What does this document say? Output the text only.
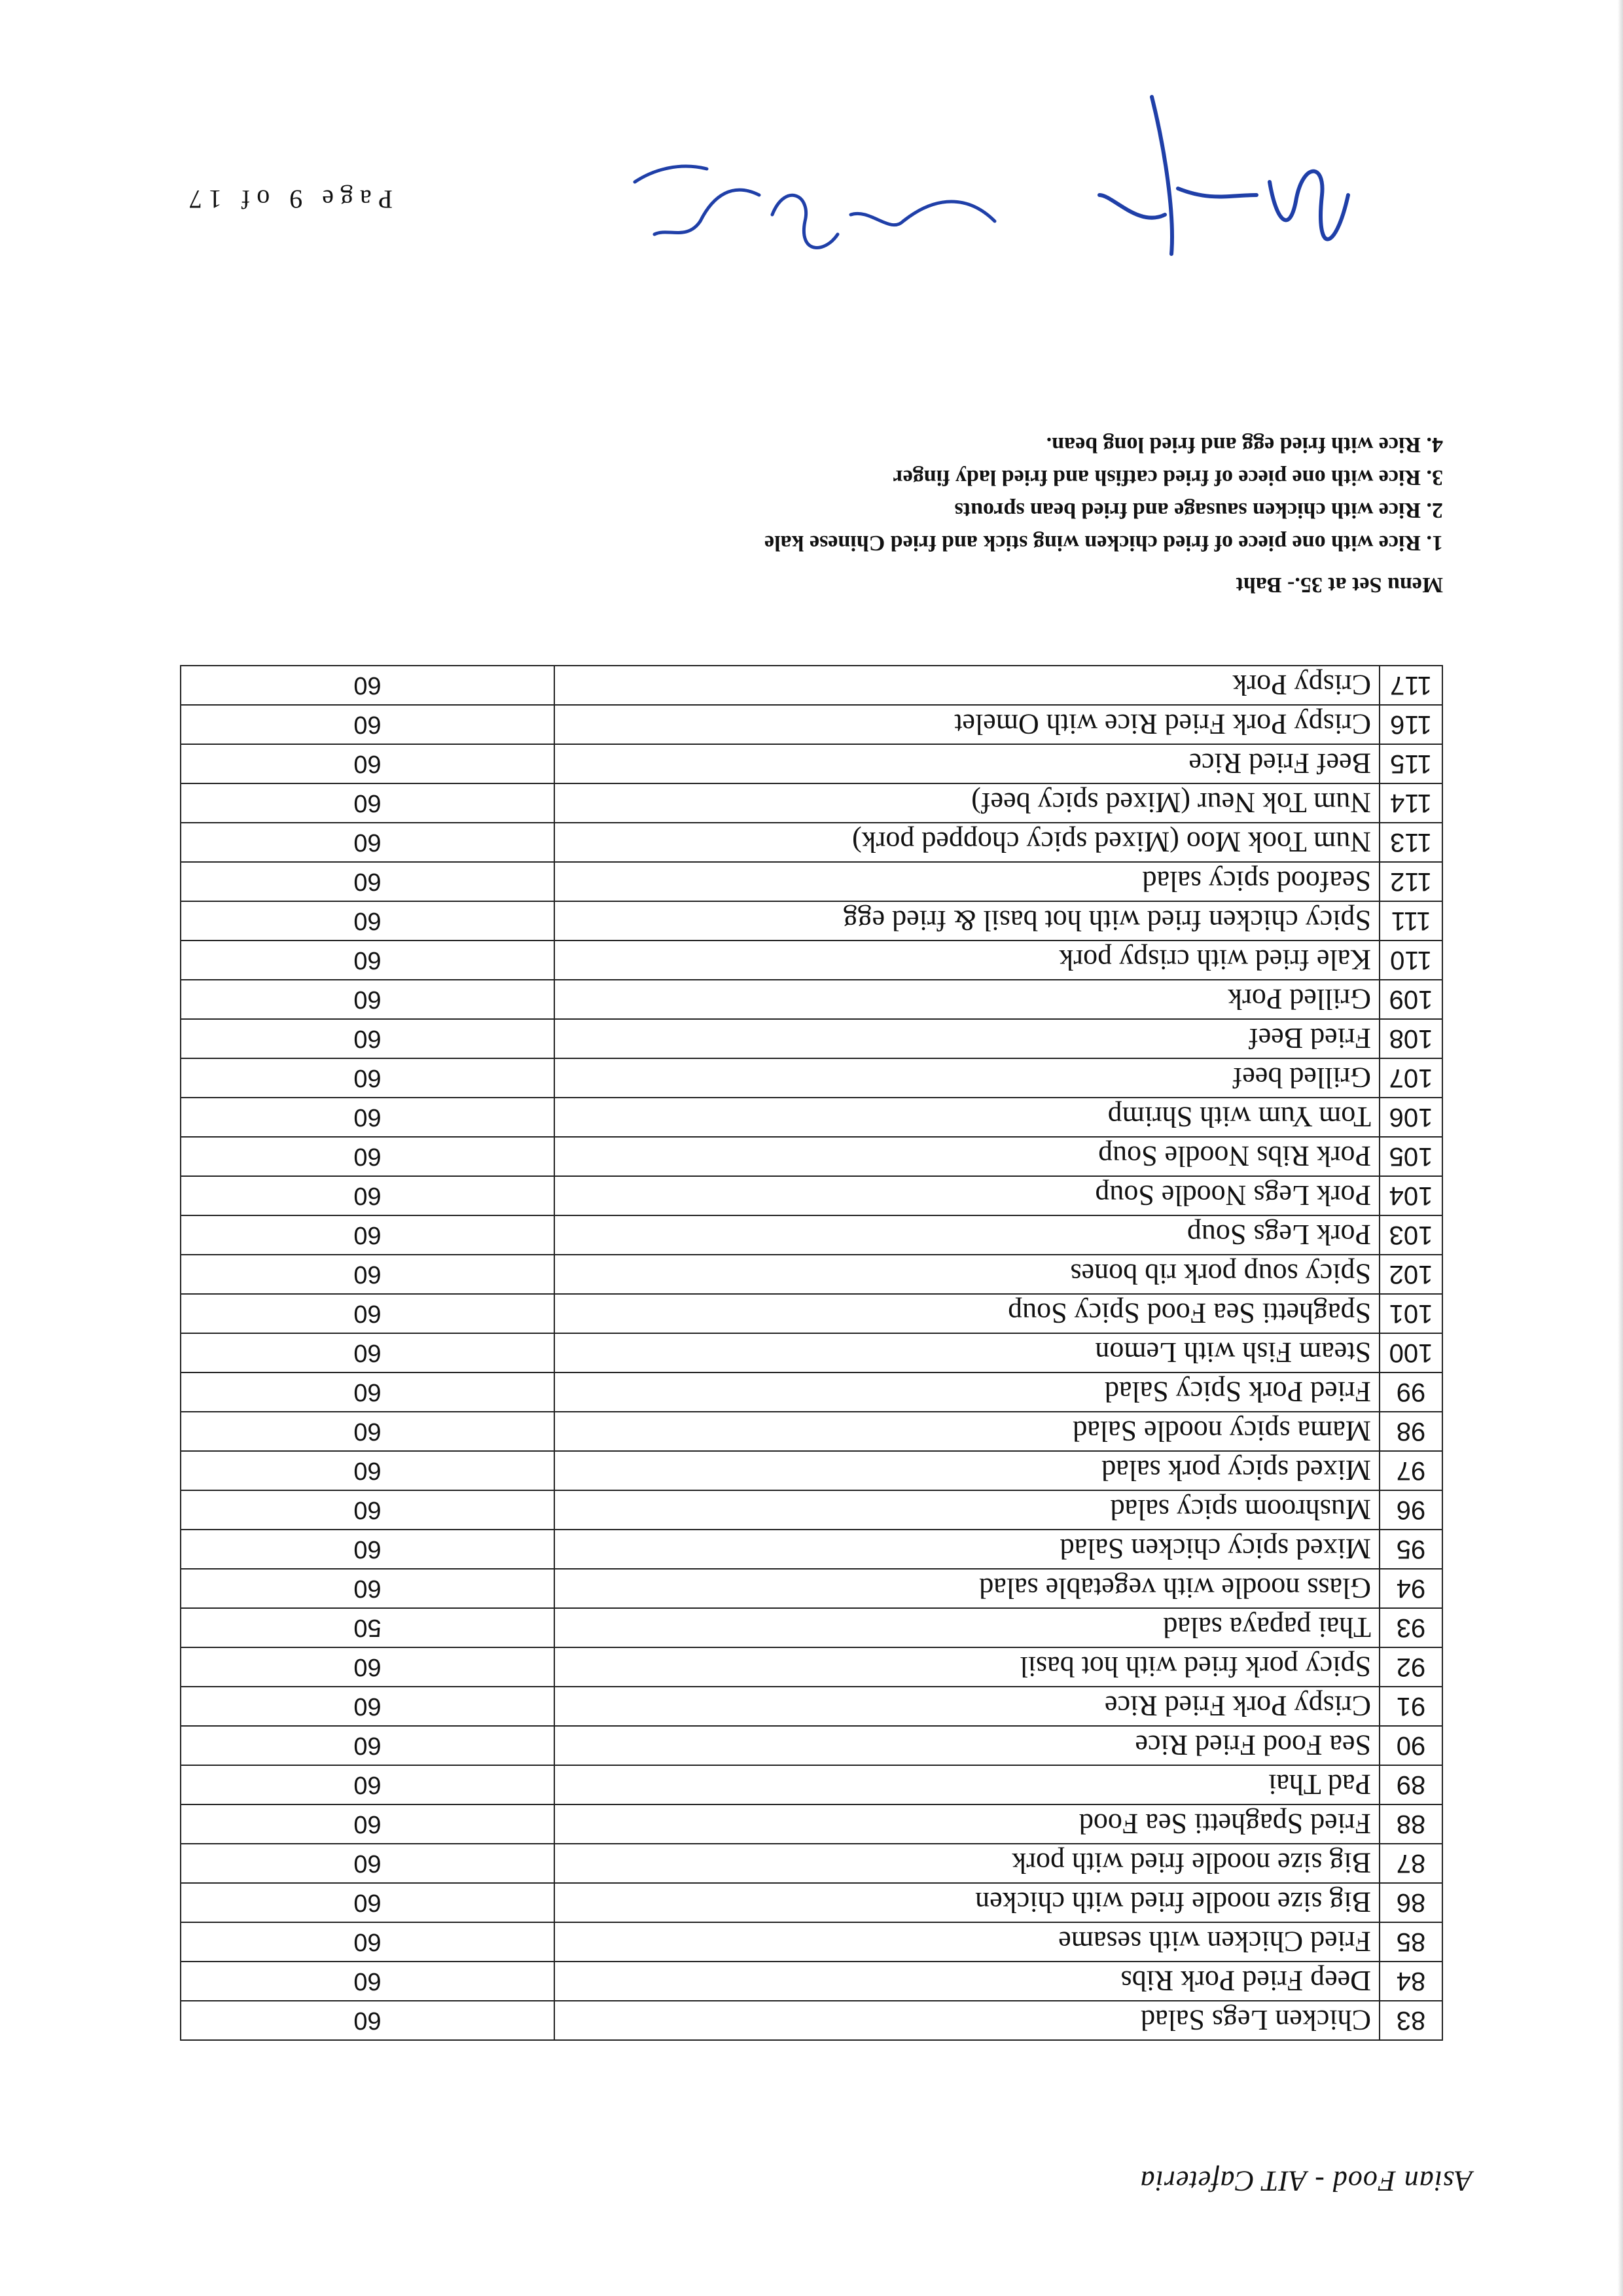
Asian Food - AIT Cafeteria
83	Chicken Legs Salad	60
84	Deep Fried Pork Ribs	60
85	Fried Chicken with sesame	60
86	Big size noodle fried with chicken	60
87	Big size noodle fried with pork	60
88	Fried Spaghetti Sea Food	60
89	Pad Thai	60
90	Sea Food Fried Rice	60
91	Crispy Pork Fried Rice	60
92	Spicy pork fried with hot basil	60
93	Thai papaya salad	50
94	Glass noodle with vegetable salad	60
95	Mixed spicy chicken Salad	60
96	Mushroom spicy salad	60
97	Mixed spicy pork salad	60
98	Mama spicy noodle Salad	60
99	Fried Pork Spicy Salad	60
100	Steam Fish with Lemon	60
101	Spaghetti Sea Food Spicy Soup	60
102	Spicy soup pork rib bones	60
103	Pork Legs Soup	60
104	Pork Legs Noodle Soup	60
105	Pork Ribs Noodle Soup	60
106	Tom Yum with Shrimp	60
107	Grilled beef	60
108	Fried Beef	60
109	Grilled Pork	60
110	Kale fried with crispy pork	60
111	Spicy chicken fried with hot basil & fried egg	60
112	Seafood spicy salad	60
113	Num Took Moo (Mixed spicy chopped pork)	60
114	Num Tok Neur (Mixed spicy beef)	60
115	Beef Fried Rice	60
116	Crispy Pork Fried Rice with Omelet	60
117	Crispy Pork	60
Menu Set at 35.- Baht
1. Rice with one piece of fried chicken wing stick and fried Chinese kale
2. Rice with chicken sausage and fried bean sprouts
3. Rice with one piece of fried catfish and fried lady finger
4. Rice with fried egg and fried long bean.
Page 9 of 17
